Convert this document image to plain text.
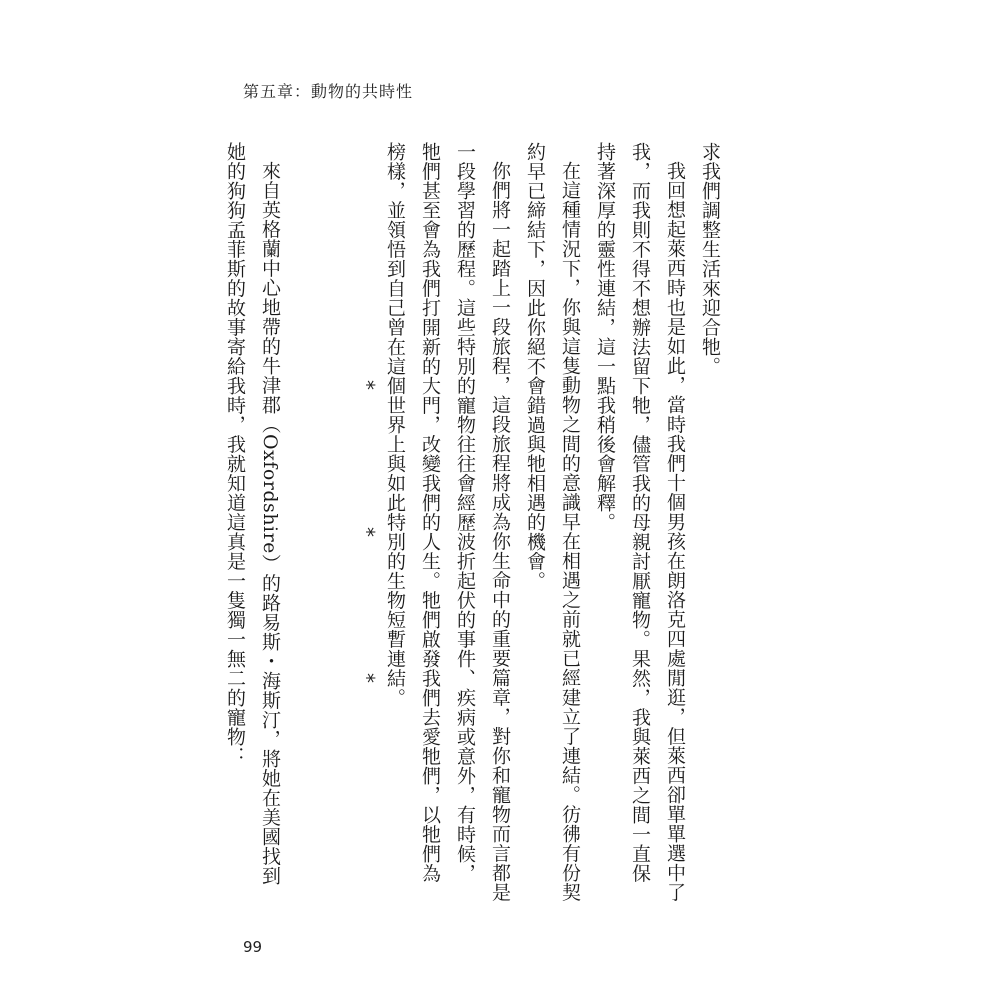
第五章：動物的共時性

求我們調整生活來迎合牠。

我回想起萊西時也是如此，當時我們十個男孩在朗洛克四處閒逛，但萊西卻單單選中了我，而我則不得不想辦法留下牠，儘管我的母親討厭寵物。果然，我與萊西之間一直保持著深厚的靈性連結，這一點我稍後會解釋。

在這種情況下，你與這隻動物之間的意識早在相遇之前就已經建立了連結。彷彿有份契約早已締結下，因此你絕不會錯過與牠相遇的機會。

你們將一起踏上一段旅程，這段旅程將成為你生命中的重要篇章，對你和寵物而言都是一段學習的歷程。這些特別的寵物往往會經歷波折起伏的事件、疾病或意外，有時候，牠們甚至會為我們打開新的大門，改變我們的人生。牠們啟發我們去愛牠們，以牠們為榜樣，並領悟到自己曾在這個世界上與如此特別的生物短暫連結。

*
*
*

來自英格蘭中心地帶的牛津郡（Oxfordshire）的路易斯・海斯汀，將她在美國找到她的狗狗孟菲斯的故事寄給我時，我就知道這真是一隻獨一無二的寵物：

99
